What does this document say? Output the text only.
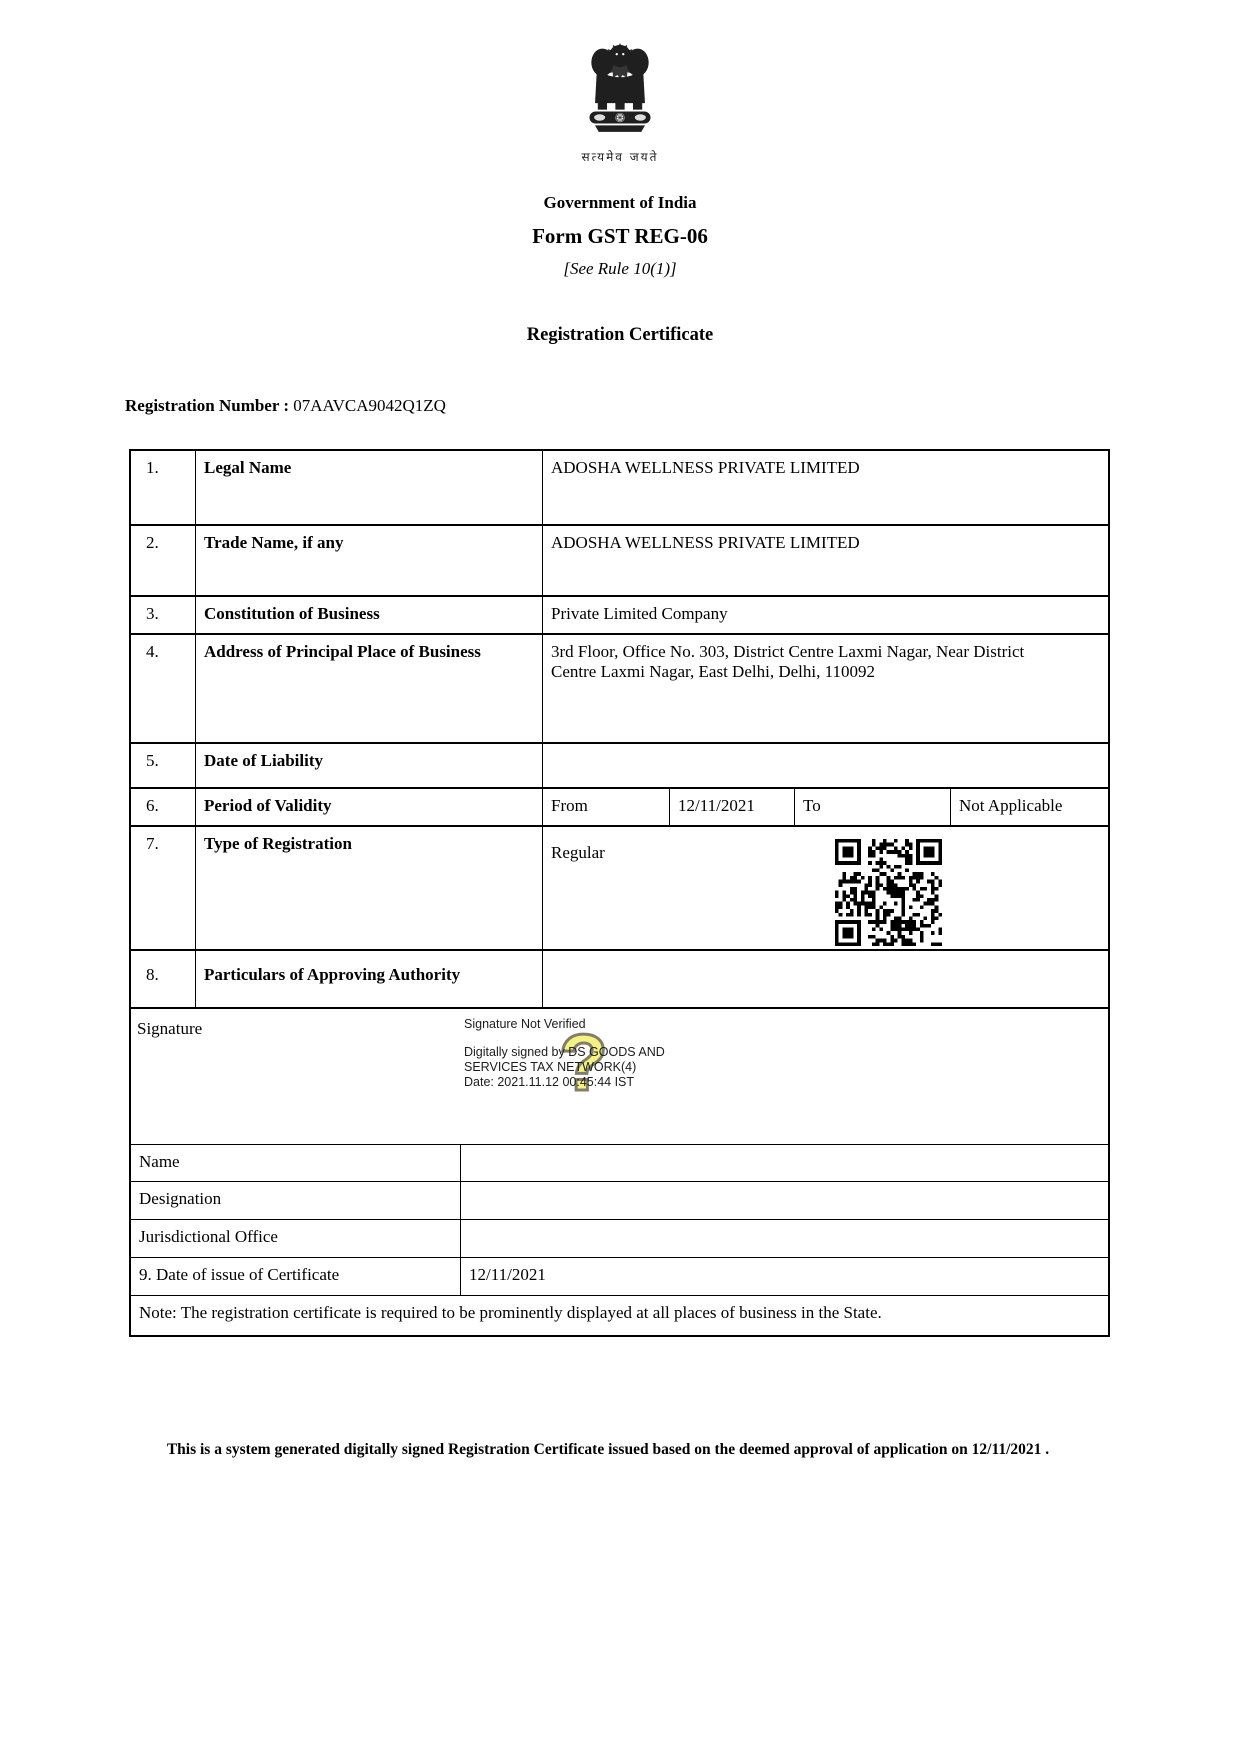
सत्यमेव जयते
Government of India
Form GST REG-06
[See Rule 10(1)]
Registration Certificate
Registration Number : 07AAVCA9042Q1ZQ
1.	Legal Name	ADOSHA WELLNESS PRIVATE LIMITED
2.	Trade Name, if any	ADOSHA WELLNESS PRIVATE LIMITED
3.	Constitution of Business	Private Limited Company
4.	Address of Principal Place of Business	3rd Floor, Office No. 303, District Centre Laxmi Nagar, Near District Centre Laxmi Nagar, East Delhi, Delhi, 110092
5.	Date of Liability
6.	Period of Validity	From	12/11/2021	To	Not Applicable
7.	Type of Registration	Regular
8.	Particulars of Approving Authority
Signature	?
Signature Not Verified
Digitally signed by DS GOODS AND
SERVICES TAX NETWORK(4)
Date: 2021.11.12 00:45:44 IST
Name
Designation
Jurisdictional Office
9. Date of issue of Certificate	12/11/2021
Note: The registration certificate is required to be prominently displayed at all places of business in the State.
This is a system generated digitally signed Registration Certificate issued based on the deemed approval of application on 12/11/2021 .
